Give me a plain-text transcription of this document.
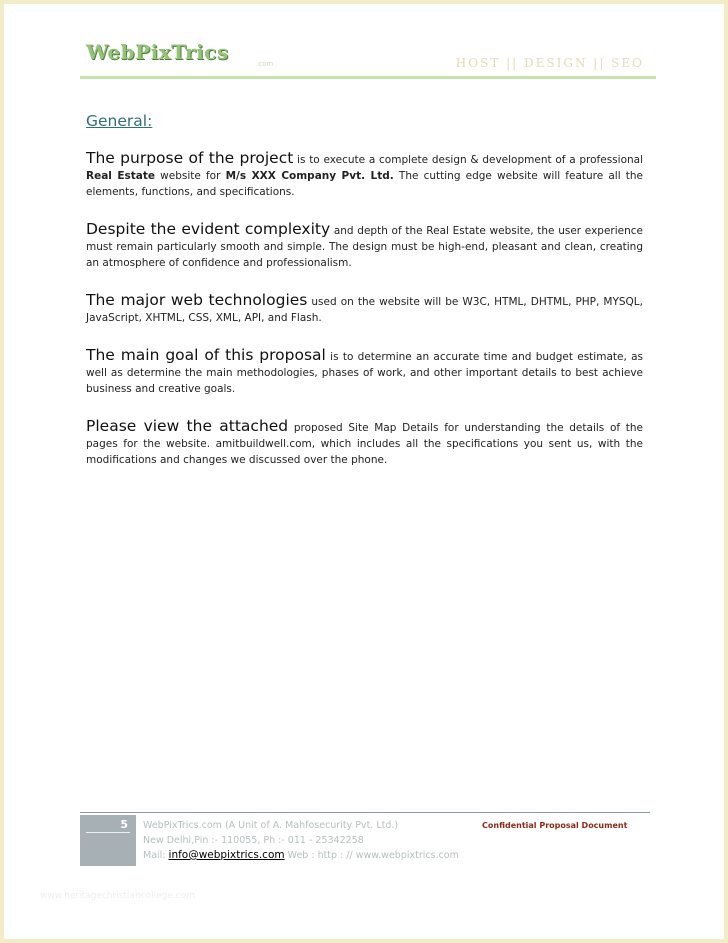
WebPixTrics	.com	HOST || DESIGN || SEO
General:
The purpose of the project is to execute a complete design & development of a professional Real Estate website for M/s XXX Company Pvt. Ltd. The cutting edge website will feature all the elements, functions, and specifications.
Despite the evident complexity and depth of the Real Estate website, the user experience must remain particularly smooth and simple. The design must be high-end, pleasant and clean, creating an atmosphere of confidence and professionalism.
The major web technologies used on the website will be W3C, HTML, DHTML, PHP, MYSQL, JavaScript, XHTML, CSS, XML, API, and Flash.
The main goal of this proposal is to determine an accurate time and budget estimate, as well as determine the main methodologies, phases of work, and other important details to best achieve business and creative goals.
Please view the attached proposed Site Map Details for understanding the details of the pages for the website. amitbuildwell.com, which includes all the specifications you sent us, with the modifications and changes we discussed over the phone.
5 WebPixTrics.com (A Unit of A. Mahfosecurity Pvt. Ltd.)
New Delhi,Pin :- 110055, Ph :- 011 - 25342258
Mail: info@webpixtrics.com Web : http : // www.webpixtrics.com
Confidential Proposal Document
www.heritagechristiancollege.com
